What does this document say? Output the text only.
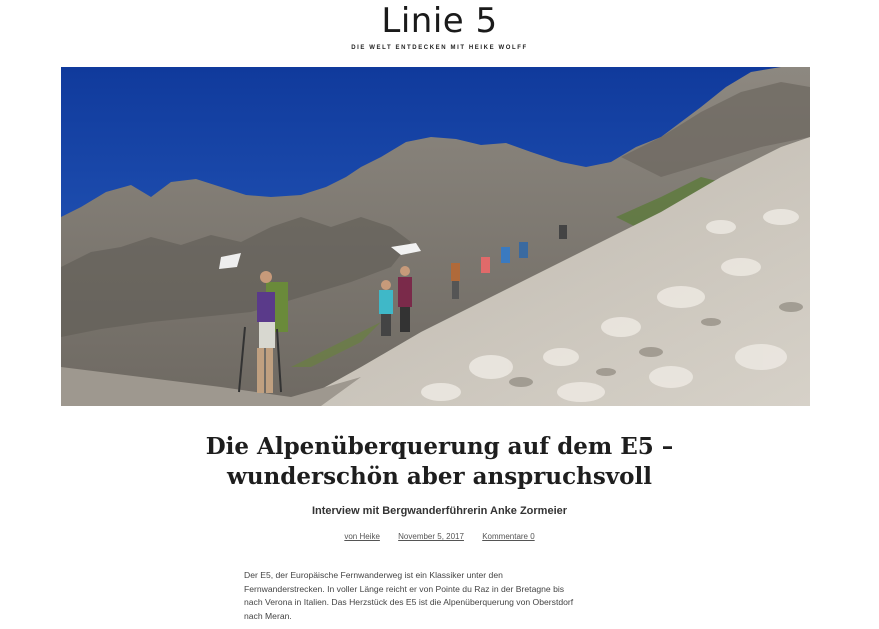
Linie 5
DIE WELT ENTDECKEN MIT HEIKE WOLFF
Die Alpenüberquerung auf dem E5 –
wunderschön aber anspruchsvoll
Interview mit Bergwanderführerin Anke Zormeier
von Heike November 5, 2017 Kommentare 0

Der E5, der Europäische Fernwanderweg ist ein Klassiker unter den
Fernwanderstrecken. In voller Länge reicht er von Pointe du Raz in der Bretagne bis
nach Verona in Italien. Das Herzstück des E5 ist die Alpenüberquerung von Oberstdorf
nach Meran.
